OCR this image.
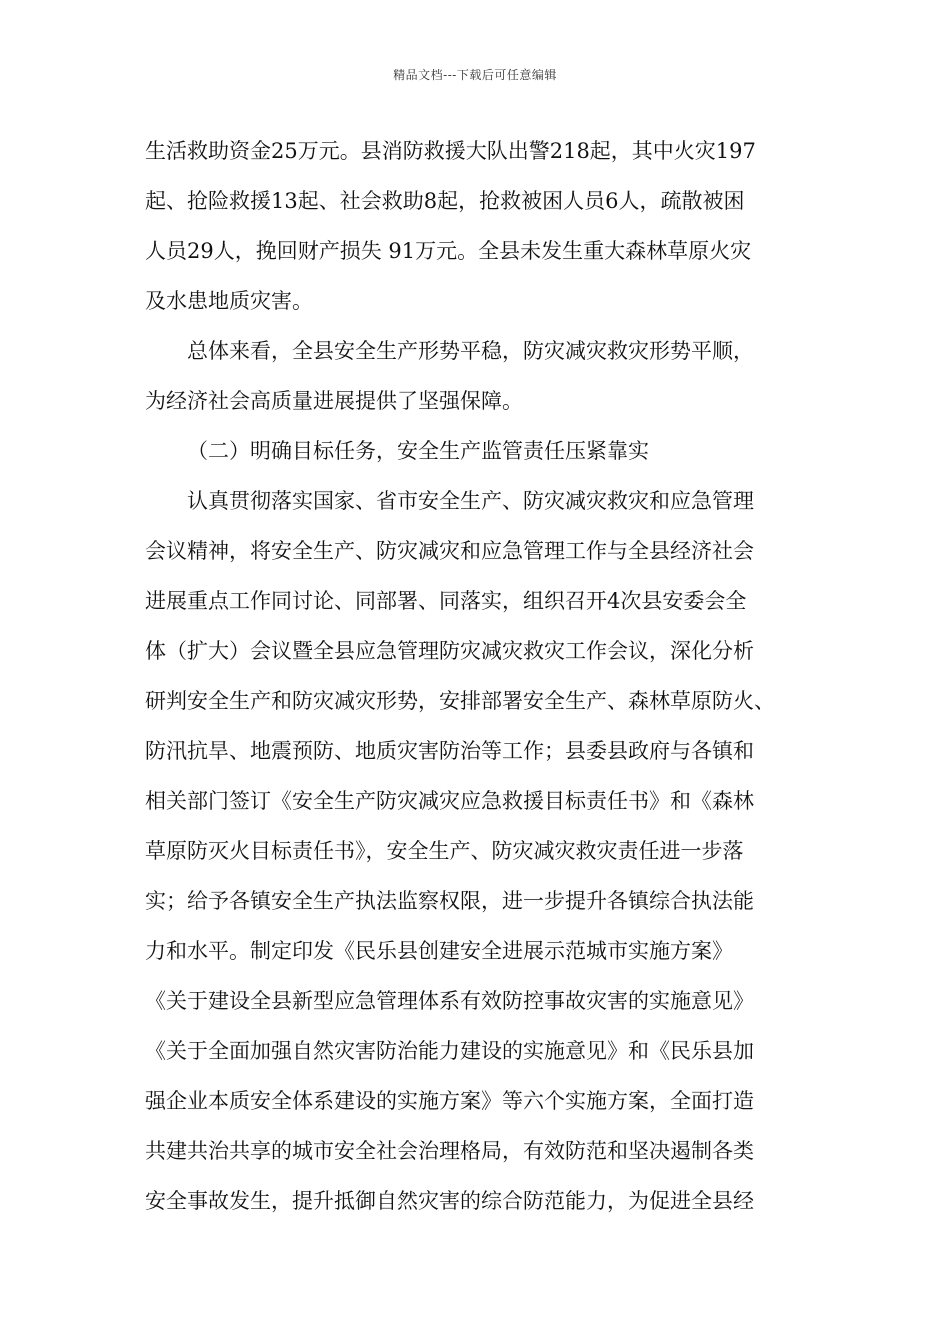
精品文档---下载后可任意编辑
生活救助资金25万元。县消防救援大队出警218起，其中火灾197
起、抢险救援13起、社会救助8起，抢救被困人员6人，疏散被困
人员29人，挽回财产损失 91万元。全县未发生重大森林草原火灾
及水患地质灾害。
总体来看，全县安全生产形势平稳，防灾减灾救灾形势平顺，
为经济社会高质量进展提供了坚强保障。
（二）明确目标任务，安全生产监管责任压紧靠实
认真贯彻落实国家、省市安全生产、防灾减灾救灾和应急管理
会议精神，将安全生产、防灾减灾和应急管理工作与全县经济社会
进展重点工作同讨论、同部署、同落实，组织召开4次县安委会全
体（扩大）会议暨全县应急管理防灾减灾救灾工作会议，深化分析
研判安全生产和防灾减灾形势，安排部署安全生产、森林草原防火、
防汛抗旱、地震预防、地质灾害防治等工作；县委县政府与各镇和
相关部门签订《安全生产防灾减灾应急救援目标责任书》和《森林
草原防灭火目标责任书》，安全生产、防灾减灾救灾责任进一步落
实；给予各镇安全生产执法监察权限，进一步提升各镇综合执法能
力和水平。制定印发《民乐县创建安全进展示范城市实施方案》
《关于建设全县新型应急管理体系有效防控事故灾害的实施意见》
《关于全面加强自然灾害防治能力建设的实施意见》和《民乐县加
强企业本质安全体系建设的实施方案》等六个实施方案，全面打造
共建共治共享的城市安全社会治理格局，有效防范和坚决遏制各类
安全事故发生，提升抵御自然灾害的综合防范能力，为促进全县经
